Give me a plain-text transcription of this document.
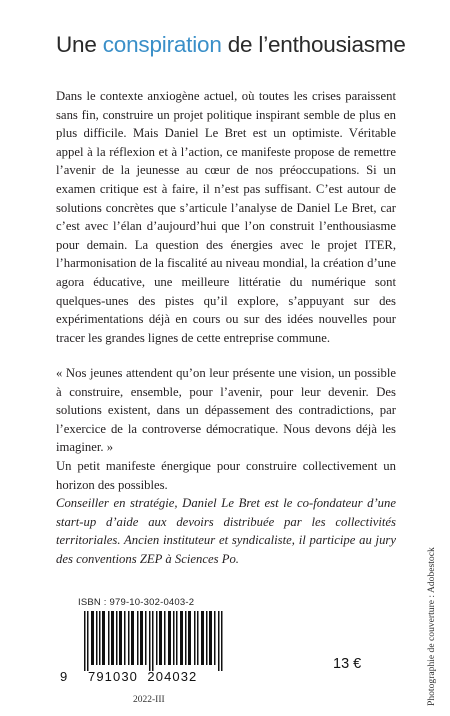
Une conspiration de l’enthousiasme

Dans le contexte anxiogène actuel, où toutes les crises paraissent sans fin, construire un projet politique inspirant semble de plus en plus difficile. Mais Daniel Le Bret est un optimiste. Véritable appel à la réflexion et à l’action, ce manifeste propose de remettre l’avenir de la jeunesse au cœur de nos préoccupations. Si un examen critique est à faire, il n’est pas suffisant. C’est autour de solutions concrètes que s’articule l’analyse de Daniel Le Bret, car c’est avec l’élan d’aujourd’hui que l’on construit l’enthousiasme pour demain. La question des énergies avec le projet ITER, l’harmonisation de la fiscalité au niveau mondial, la création d’une agora éducative, une meilleure littératie du numérique sont quelques-unes des pistes qu’il explore, s’appuyant sur des expérimentations déjà en cours ou sur des idées nouvelles pour tracer les grandes lignes de cette entreprise commune.

« Nos jeunes attendent qu’on leur présente une vision, un possible à construire, ensemble, pour l’avenir, pour leur devenir. Des solutions existent, dans un dépassement des contradictions, par l’exercice de la controverse démocratique. Nous devons déjà les imaginer. »

Un petit manifeste énergique pour construire collectivement un horizon des possibles.

Conseiller en stratégie, Daniel Le Bret est le co-fondateur d’une start-up d’aide aux devoirs distribuée par les collectivités territoriales. Ancien instituteur et syndicaliste, il participe au jury des conventions ZEP à Sciences Po.	Photographie de couverture : Adobestock
ISBN : 979-10-302-0403-2
9 791030  204032
13 €
2022-III
